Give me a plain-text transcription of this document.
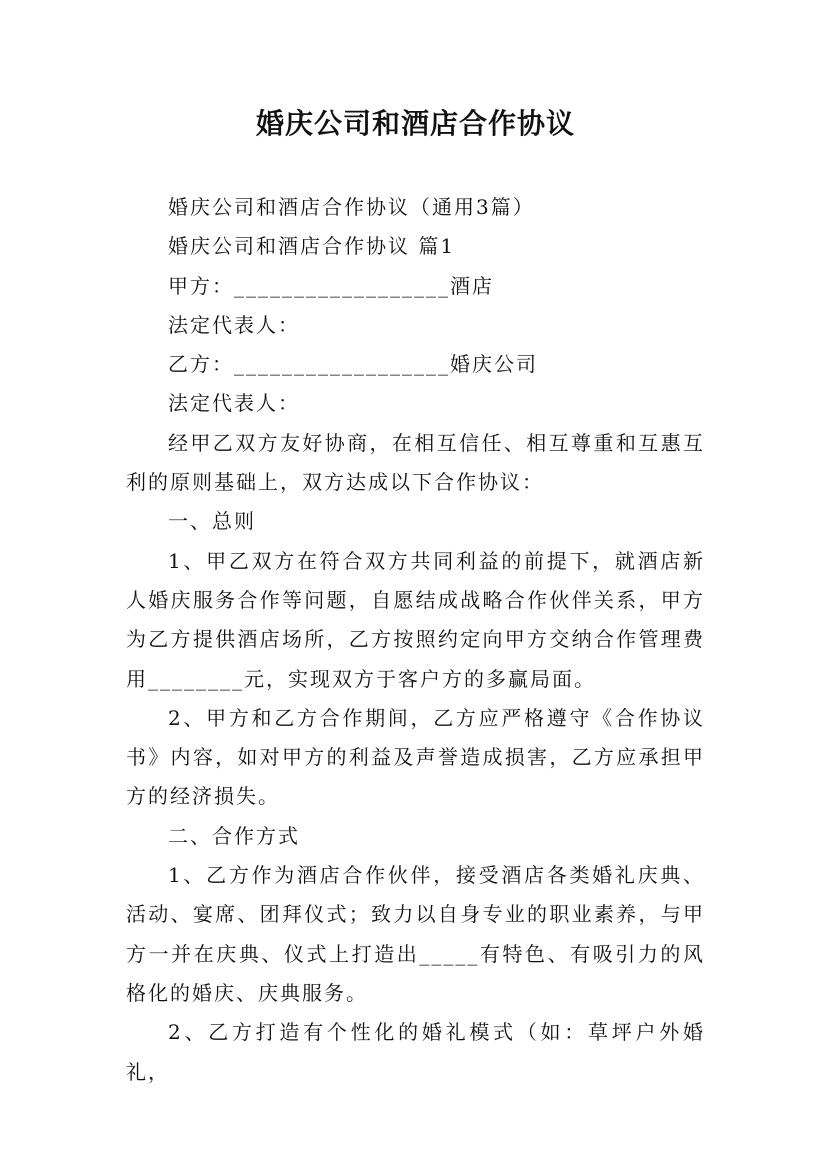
婚庆公司和酒店合作协议

婚庆公司和酒店合作协议（通用3篇）

婚庆公司和酒店合作协议 篇1

甲方：__________________酒店

法定代表人：

乙方：__________________婚庆公司

法定代表人：

经甲乙双方友好协商，在相互信任、相互尊重和互惠互利的原则基础上，双方达成以下合作协议：

一、总则

1、甲乙双方在符合双方共同利益的前提下，就酒店新人婚庆服务合作等问题，自愿结成战略合作伙伴关系，甲方为乙方提供酒店场所，乙方按照约定向甲方交纳合作管理费用________元，实现双方于客户方的多赢局面。

2、甲方和乙方合作期间，乙方应严格遵守《合作协议书》内容，如对甲方的利益及声誉造成损害，乙方应承担甲方的经济损失。

二、合作方式

1、乙方作为酒店合作伙伴，接受酒店各类婚礼庆典、活动、宴席、团拜仪式；致力以自身专业的职业素养，与甲方一并在庆典、仪式上打造出_____有特色、有吸引力的风格化的婚庆、庆典服务。

2、乙方打造有个性化的婚礼模式（如：草坪户外婚礼，
